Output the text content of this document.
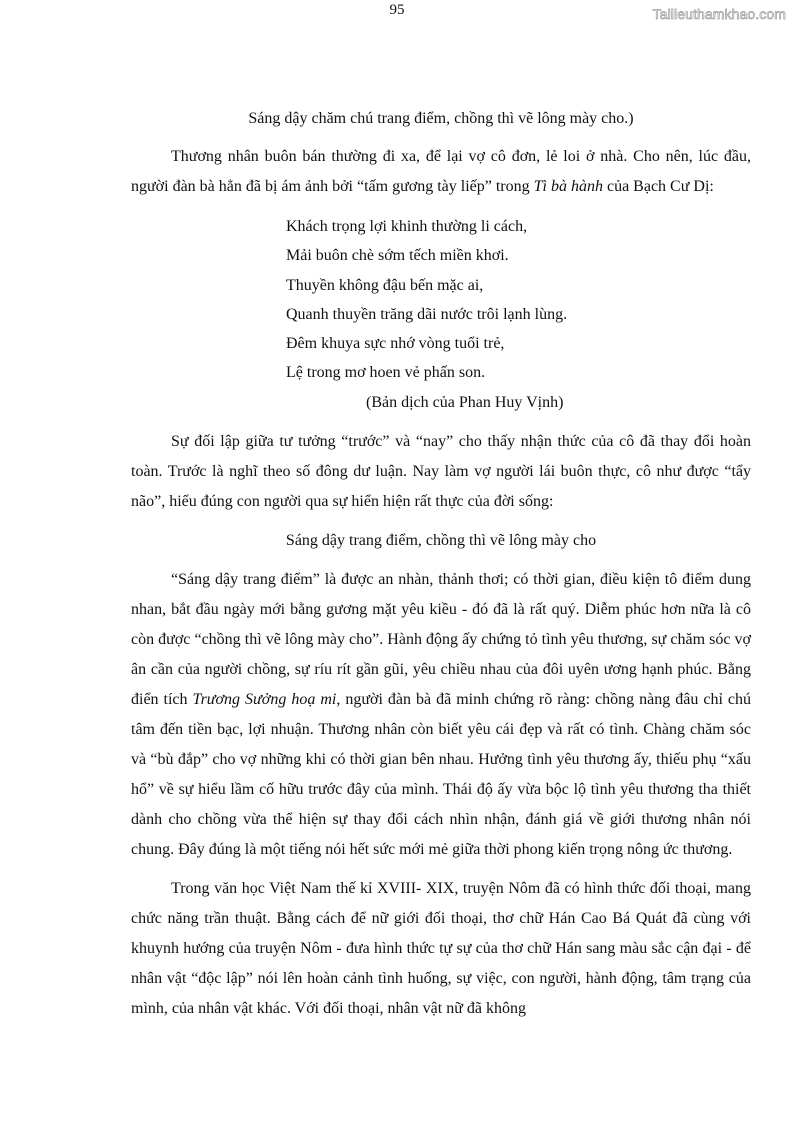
95	Tailieuthamkhao.com

Sáng dậy chăm chú trang điểm, chồng thì vẽ lông mày cho.)

Thương nhân buôn bán thường đi xa, để lại vợ cô đơn, lẻ loi ở nhà. Cho nên, lúc đầu, người đàn bà hẳn đã bị ám ảnh bởi “tấm gương tày liếp” trong Tì bà hành của Bạch Cư Dị:

Khách trọng lợi khinh thường li cách,

Mải buôn chè sớm tếch miền khơi.

Thuyền không đậu bến mặc ai,

Quanh thuyền trăng dãi nước trôi lạnh lùng.

Đêm khuya sực nhớ vòng tuổi trẻ,

Lệ trong mơ hoen vẻ phấn son.

(Bản dịch của Phan Huy Vịnh)

Sự đối lập giữa tư tưởng “trước” và “nay” cho thấy nhận thức của cô đã thay đổi hoàn toàn. Trước là nghĩ theo số đông dư luận. Nay làm vợ người lái buôn thực, cô như được “tẩy não”, hiểu đúng con người qua sự hiển hiện rất thực của đời sống:

Sáng dậy trang điểm, chồng thì vẽ lông mày cho

“Sáng dậy trang điểm” là được an nhàn, thảnh thơi; có thời gian, điều kiện tô điểm dung nhan, bắt đầu ngày mới bằng gương mặt yêu kiều - đó đã là rất quý. Diễm phúc hơn nữa là cô còn được “chồng thì vẽ lông mày cho”. Hành động ấy chứng tỏ tình yêu thương, sự chăm sóc vợ ân cần của người chồng, sự ríu rít gần gũi, yêu chiều nhau của đôi uyên ương hạnh phúc. Bằng điển tích Trương Sưởng hoạ mi, người đàn bà đã minh chứng rõ ràng: chồng nàng đâu chỉ chú tâm đến tiền bạc, lợi nhuận. Thương nhân còn biết yêu cái đẹp và rất có tình. Chàng chăm sóc và “bù đắp” cho vợ những khi có thời gian bên nhau. Hưởng tình yêu thương ấy, thiếu phụ “xấu hổ” về sự hiểu lầm cố hữu trước đây của mình. Thái độ ấy vừa bộc lộ tình yêu thương tha thiết dành cho chồng vừa thể hiện sự thay đổi cách nhìn nhận, đánh giá về giới thương nhân nói chung. Đây đúng là một tiếng nói hết sức mới mẻ giữa thời phong kiến trọng nông ức thương.

Trong văn học Việt Nam thế kỉ XVIII- XIX, truyện Nôm đã có hình thức đối thoại, mang chức năng trần thuật. Bằng cách để nữ giới đối thoại, thơ chữ Hán Cao Bá Quát đã cùng với khuynh hướng của truyện Nôm - đưa hình thức tự sự của thơ chữ Hán sang màu sắc cận đại - để nhân vật “độc lập” nói lên hoàn cảnh tình huống, sự việc, con người, hành động, tâm trạng của mình, của nhân vật khác. Với đối thoại, nhân vật nữ đã không
